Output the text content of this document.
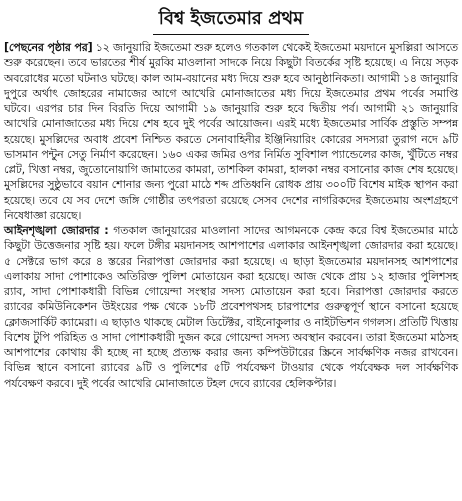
বিশ্ব ইজতেমার প্রথম

[পেছনের পৃষ্ঠার পর] ১২ জানুয়ারি ইজতেমা শুরু হলেও গতকাল থেকেই ইজতেমা ময়দানে মুসল্লিরা আসতে শুরু করেছেন। তবে ভারতের শীর্ষ মুরব্বি মাওলানা সাদকে নিয়ে কিছুটা বিতর্কের সৃষ্টি হয়েছে। এ নিয়ে সড়ক অবরোধের মতো ঘটনাও ঘটছে। কাল আম-বয়ানের মধ্য দিয়ে শুরু হবে আনুষ্ঠানিকতা। আগামী ১৪ জানুয়ারি দুপুরে অর্থাৎ জোহরের নামাজের আগে আখেরি মোনাজাতের মধ্য দিয়ে ইজতেমার প্রথম পর্বের সমাপ্তি ঘটবে। এরপর চার দিন বিরতি দিয়ে আগামী ১৯ জানুয়ারি শুরু হবে দ্বিতীয় পর্ব। আগামী ২১ জানুয়ারি আখেরি মোনাজাতের মধ্য দিয়ে শেষ হবে দুই পর্বের আয়োজন। এরই মধ্যে ইজতেমার সার্বিক প্রস্তুতি সম্পন্ন হয়েছে। মুসল্লিদের অবাধ প্রবেশ নিশ্চিত করতে সেনাবাহিনীর ইঞ্জিনিয়ারিং কোরের সদস্যরা তুরাগ নদে ৯টি ভাসমান পন্টুন সেতু নির্মাণ করেছেন। ১৬০ একর জমির ওপর নির্মিত সুবিশাল প্যান্ডেলের কাজ, খুঁটিতে নম্বর প্লেট, খিত্তা নম্বর, জুতোনোয়াগি জামাতের কামরা, তাশকিল কামরা, হালকা নম্বর বসানোর কাজ শেষ হয়েছে। মুসল্লিদের সুষ্ঠুভাবে বয়ান শোনার জন্য পুরো মাঠে শব্দ প্রতিধ্বনি রোধক প্রায় ৩০০টি বিশেষ মাইক স্থাপন করা হয়েছে। তবে যে সব দেশে জঙ্গি গোষ্ঠীর তৎপরতা রয়েছে সেসব দেশের নাগরিকদের ইজতেমায় অংশগ্রহণে নিষেধাজ্ঞা রয়েছে।

আইনশৃঙ্খলা জোরদার : গতকাল জানুয়ারের মাওলানা সাদের আগমনকে কেন্দ্র করে বিশ্ব ইজতেমার মাঠে কিছুটা উত্তেজনার সৃষ্টি হয়। ফলে টঙ্গীর ময়দানসহ আশপাশের এলাকার আইনশৃঙ্খলা জোরদার করা হয়েছে। ৫ সেক্টরে ভাগ করে ৪ স্তরের নিরাপত্তা জোরদার করা হয়েছে। এ ছাড়া ইজতেমার ময়দানসহ আশপাশের এলাকায় সাদা পোশাকেও অতিরিক্ত পুলিশ মোতায়েন করা হয়েছে। আজ থেকে প্রায় ১২ হাজার পুলিশসহ র‍্যাব, সাদা পোশাকধারী বিভিন্ন গোয়েন্দা সংস্থার সদস্য মোতায়েন করা হবে। নিরাপত্তা জোরদার করতে র‍্যাবের কমিউনিকেশন উইংয়ের পক্ষ থেকে ১৮টি প্রবেশপথসহ চারপাশের গুরুত্বপূর্ণ স্থানে বসানো হয়েছে ক্লোজসার্কিট ক্যামেরা। এ ছাড়াও থাকছে মেটাল ডিটেক্টর, বাইনোকুলার ও নাইটভিশন গগলস। প্রতিটি খিত্তায় বিশেষ টুপি পরিহিত ও সাদা পোশাকধারী দুজন করে গোয়েন্দা সদস্য অবস্থান করবেন। তারা ইজতেমা মাঠসহ আশপাশের কোথায় কী হচ্ছে না হচ্ছে প্রত্যক্ষ করার জন্য কম্পিউটারের স্ক্রিনে সার্বক্ষণিক নজর রাখবেন। বিভিন্ন স্থানে বসানো র‍্যাবের ৯টি ও পুলিশের ৫টি পর্যবেক্ষণ টাওয়ার থেকে পর্যবেক্ষক দল সার্বক্ষণিক পর্যবেক্ষণ করবে। দুই পর্বের আখেরি মোনাজাতে টহল দেবে র‍্যাবের হেলিকপ্টার।
